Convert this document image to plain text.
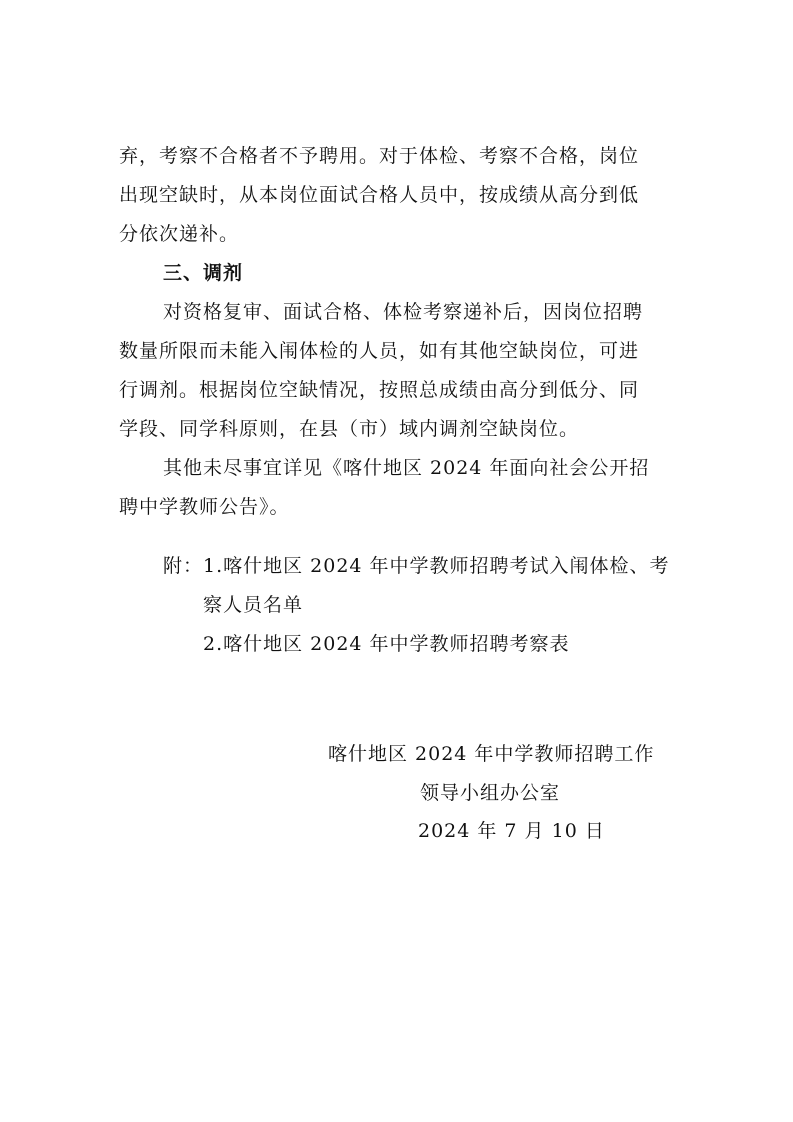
弃，考察不合格者不予聘用。对于体检、考察不合格，岗位
出现空缺时，从本岗位面试合格人员中，按成绩从高分到低
分依次递补。
三、调剂
对资格复审、面试合格、体检考察递补后，因岗位招聘
数量所限而未能入闱体检的人员，如有其他空缺岗位，可进
行调剂。根据岗位空缺情况，按照总成绩由高分到低分、同
学段、同学科原则，在县（市）域内调剂空缺岗位。
其他未尽事宜详见《喀什地区 2024 年面向社会公开招
聘中学教师公告》。
附： 1.喀什地区 2024 年中学教师招聘考试入闱体检、考
察人员名单
2.喀什地区 2024 年中学教师招聘考察表
喀什地区 2024 年中学教师招聘工作
领导小组办公室
2024 年 7 月 10 日
